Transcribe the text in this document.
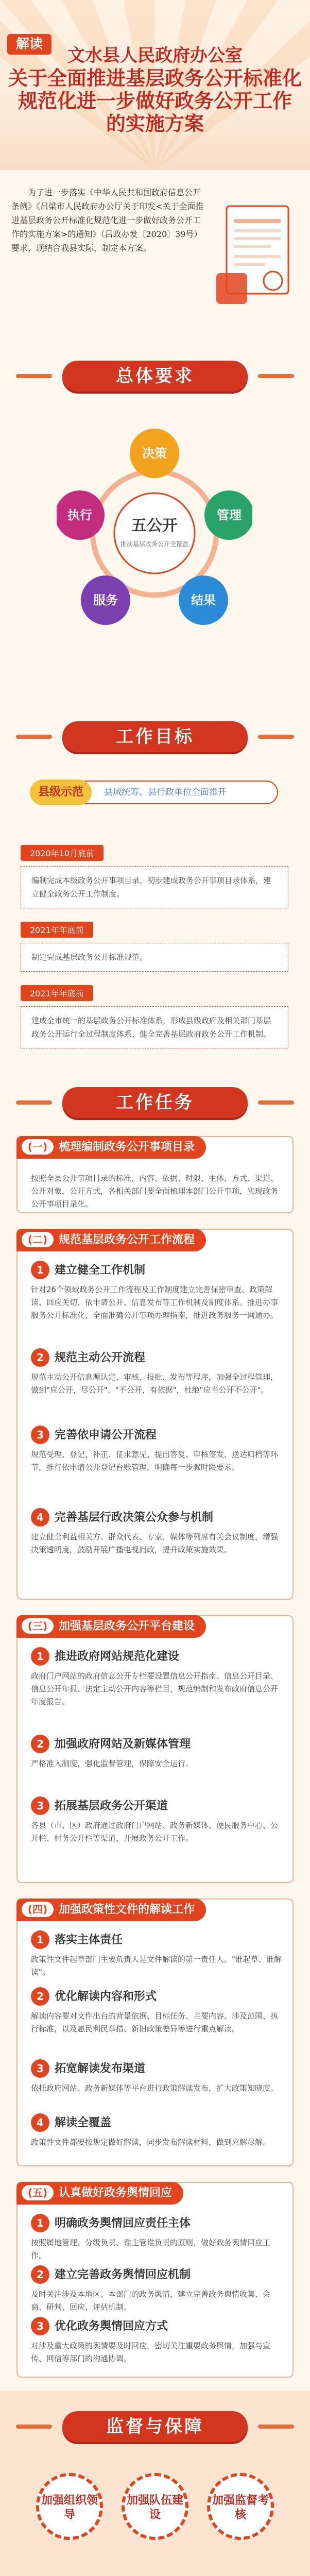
解读
文水县人民政府办公室
关于全面推进基层政务公开标准化
规范化进一步做好政务公开工作
的实施方案

为了进一步落实《中华人民共和国政府信息公开条例》《吕梁市人民政府办公厅关于印发<关于全面推进基层政务公开标准化规范化进一步做好政务公开工作的实施方案>的通知》（吕政办发〔2020〕39号）要求，现结合我县实际，制定本方案。

总体要求
五公开
推动基层政务公开全覆盖
决策
执行	管理
服务	结果
工作目标
县级示范	县域统筹、县行政单位全面推开
2020年10月底前
编制完成本级政务公开事项目录，初步建成政务公开事项目录体系，建立健全政务公开工作制度。
2021年年底前
制定完成基层政务公开标准规范。
2021年年底前
建成全市统一的基层政务公开标准体系，形成县级政府及相关部门基层政务公开运行全过程制度体系，健全完善基层政府政务公开工作机制。
工作任务
(一) 梳理编制政务公开事项目录

按照全县公开事项目录的标准，内容、依据、时限、主体、方式、渠道、公开对象，公开方式，各相关部门要全面梳理本部门公开事项，实现政务公开事项目录化。

(二) 规范基层政务公开工作流程
1 建立健全工作机制

针对26个领域政务公开工作流程及工作制度建立完善保密审查、政策解读、回应关切、依申请公开、信息发布等工作机制及制度体系。推进办事服务公开标准化，全面准确公开事项办理指南，推进政务服务一网通办。

2 规范主动公开流程

规范主动公开信息源认定、审核、报批、发布等程序，加强全过程管理，做到"应公开，尽公开"、"不公开，有依据"，杜绝"应当公开不公开"。

3 完善依申请公开流程

规范受理、登记、补正、征求意见、提出答复、审核签发、送达归档等环节，推行依申请公开登记台账管理，明确每一步骤时限要求。

4 完善基层行政决策公众参与机制

建立健全利益相关方、群众代表、专家、媒体等列席有关会议制度，增强决策透明度，鼓励开展广播电视问政，提升政策实施效果。

(三) 加强基层政务公开平台建设
1 推进政府网站规范化建设

政府门户网站的政府信息公开专栏要设置信息公开指南、信息公开目录、信息公开年报、法定主动公开内容等栏目，规范编制和发布政府信息公开年度报告。

2 加强政府网站及新媒体管理

严格准入制度，强化监督管理，保障安全运行。

3 拓展基层政务公开渠道

各县（市、区）政府通过政府门户网站、政务新媒体、便民服务中心、公开栏、村务公开栏等渠道，开展政务公开工作。

(四) 加强政策性文件的解读工作
1 落实主体责任

政策性文件起草部门主要负责人是文件解读的第一责任人。"谁起草、谁解读"。

2 优化解读内容和形式

解读内容要对文件出台的背景依据、目标任务、主要内容、涉及范围、执行标准，以及惠民利民举措、新旧政策差异等进行重点解读。

3 拓宽解读发布渠道

依托政府网站、政务新媒体等平台进行政策解读发布，扩大政策知晓度。

4 解读全覆盖

政策性文件都要按规定做好解读，同步发布解读材料，做到应解尽解。

(五) 认真做好政务舆情回应
1 明确政务舆情回应责任主体

按照属地管理、分级负责、谁主管谁负责的原则，做好政务舆情回应工作。

2 建立完善政务舆情回应机制

及时关注涉及本地区、本部门的政务舆情，建立完善政务舆情收集、会商、研判、回应、评估机制。

3 优化政务舆情回应方式

对涉及重大政策的舆情要及时回应，密切关注重要政务舆情，加强与宣传、网信等部门的沟通协调。

监督与保障
加强组织领导
加强队伍建设
加强监督考核
